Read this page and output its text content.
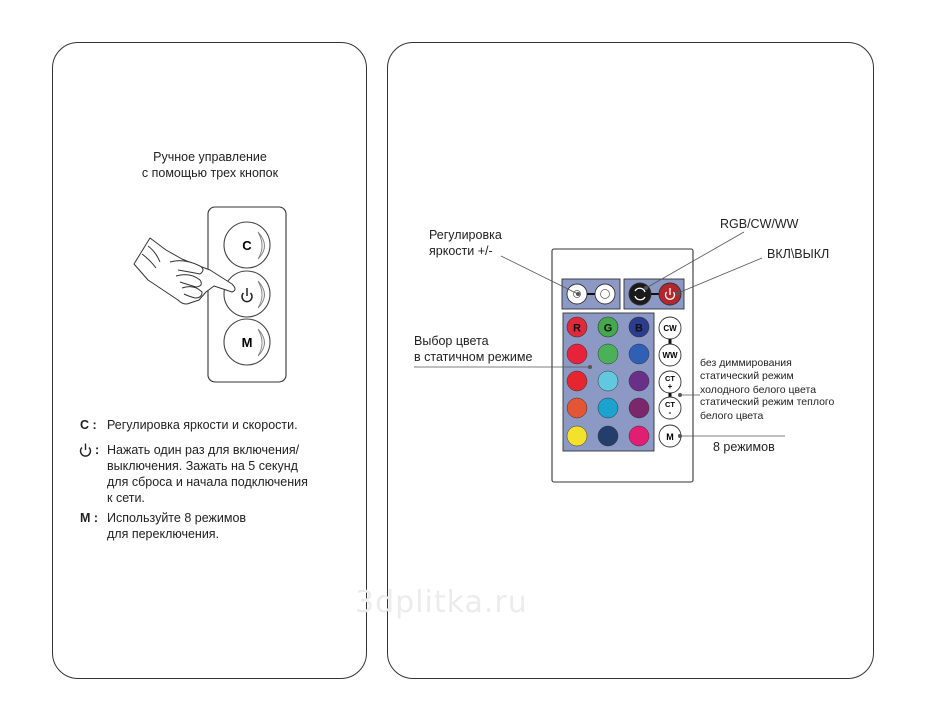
Ручное управление
с помощью трех кнопок
C
M
R G B	CW
WW
CT
+
CT
-
M
C : Регулировка яркости и скорости.
: Нажать один раз для включения/
выключения. Зажать на 5 секунд
для сброса и начала подключения
к сети.
M : Используйте 8 режимов
для переключения.
Регулировка
яркости +/-
RGB/CW/WW
ВКЛ\ВЫКЛ
Выбор цвета
в статичном режиме	без диммирования
статический режим
холодного белого цвета
статический режим теплого
белого цвета
8 режимов
3dplitka.ru
